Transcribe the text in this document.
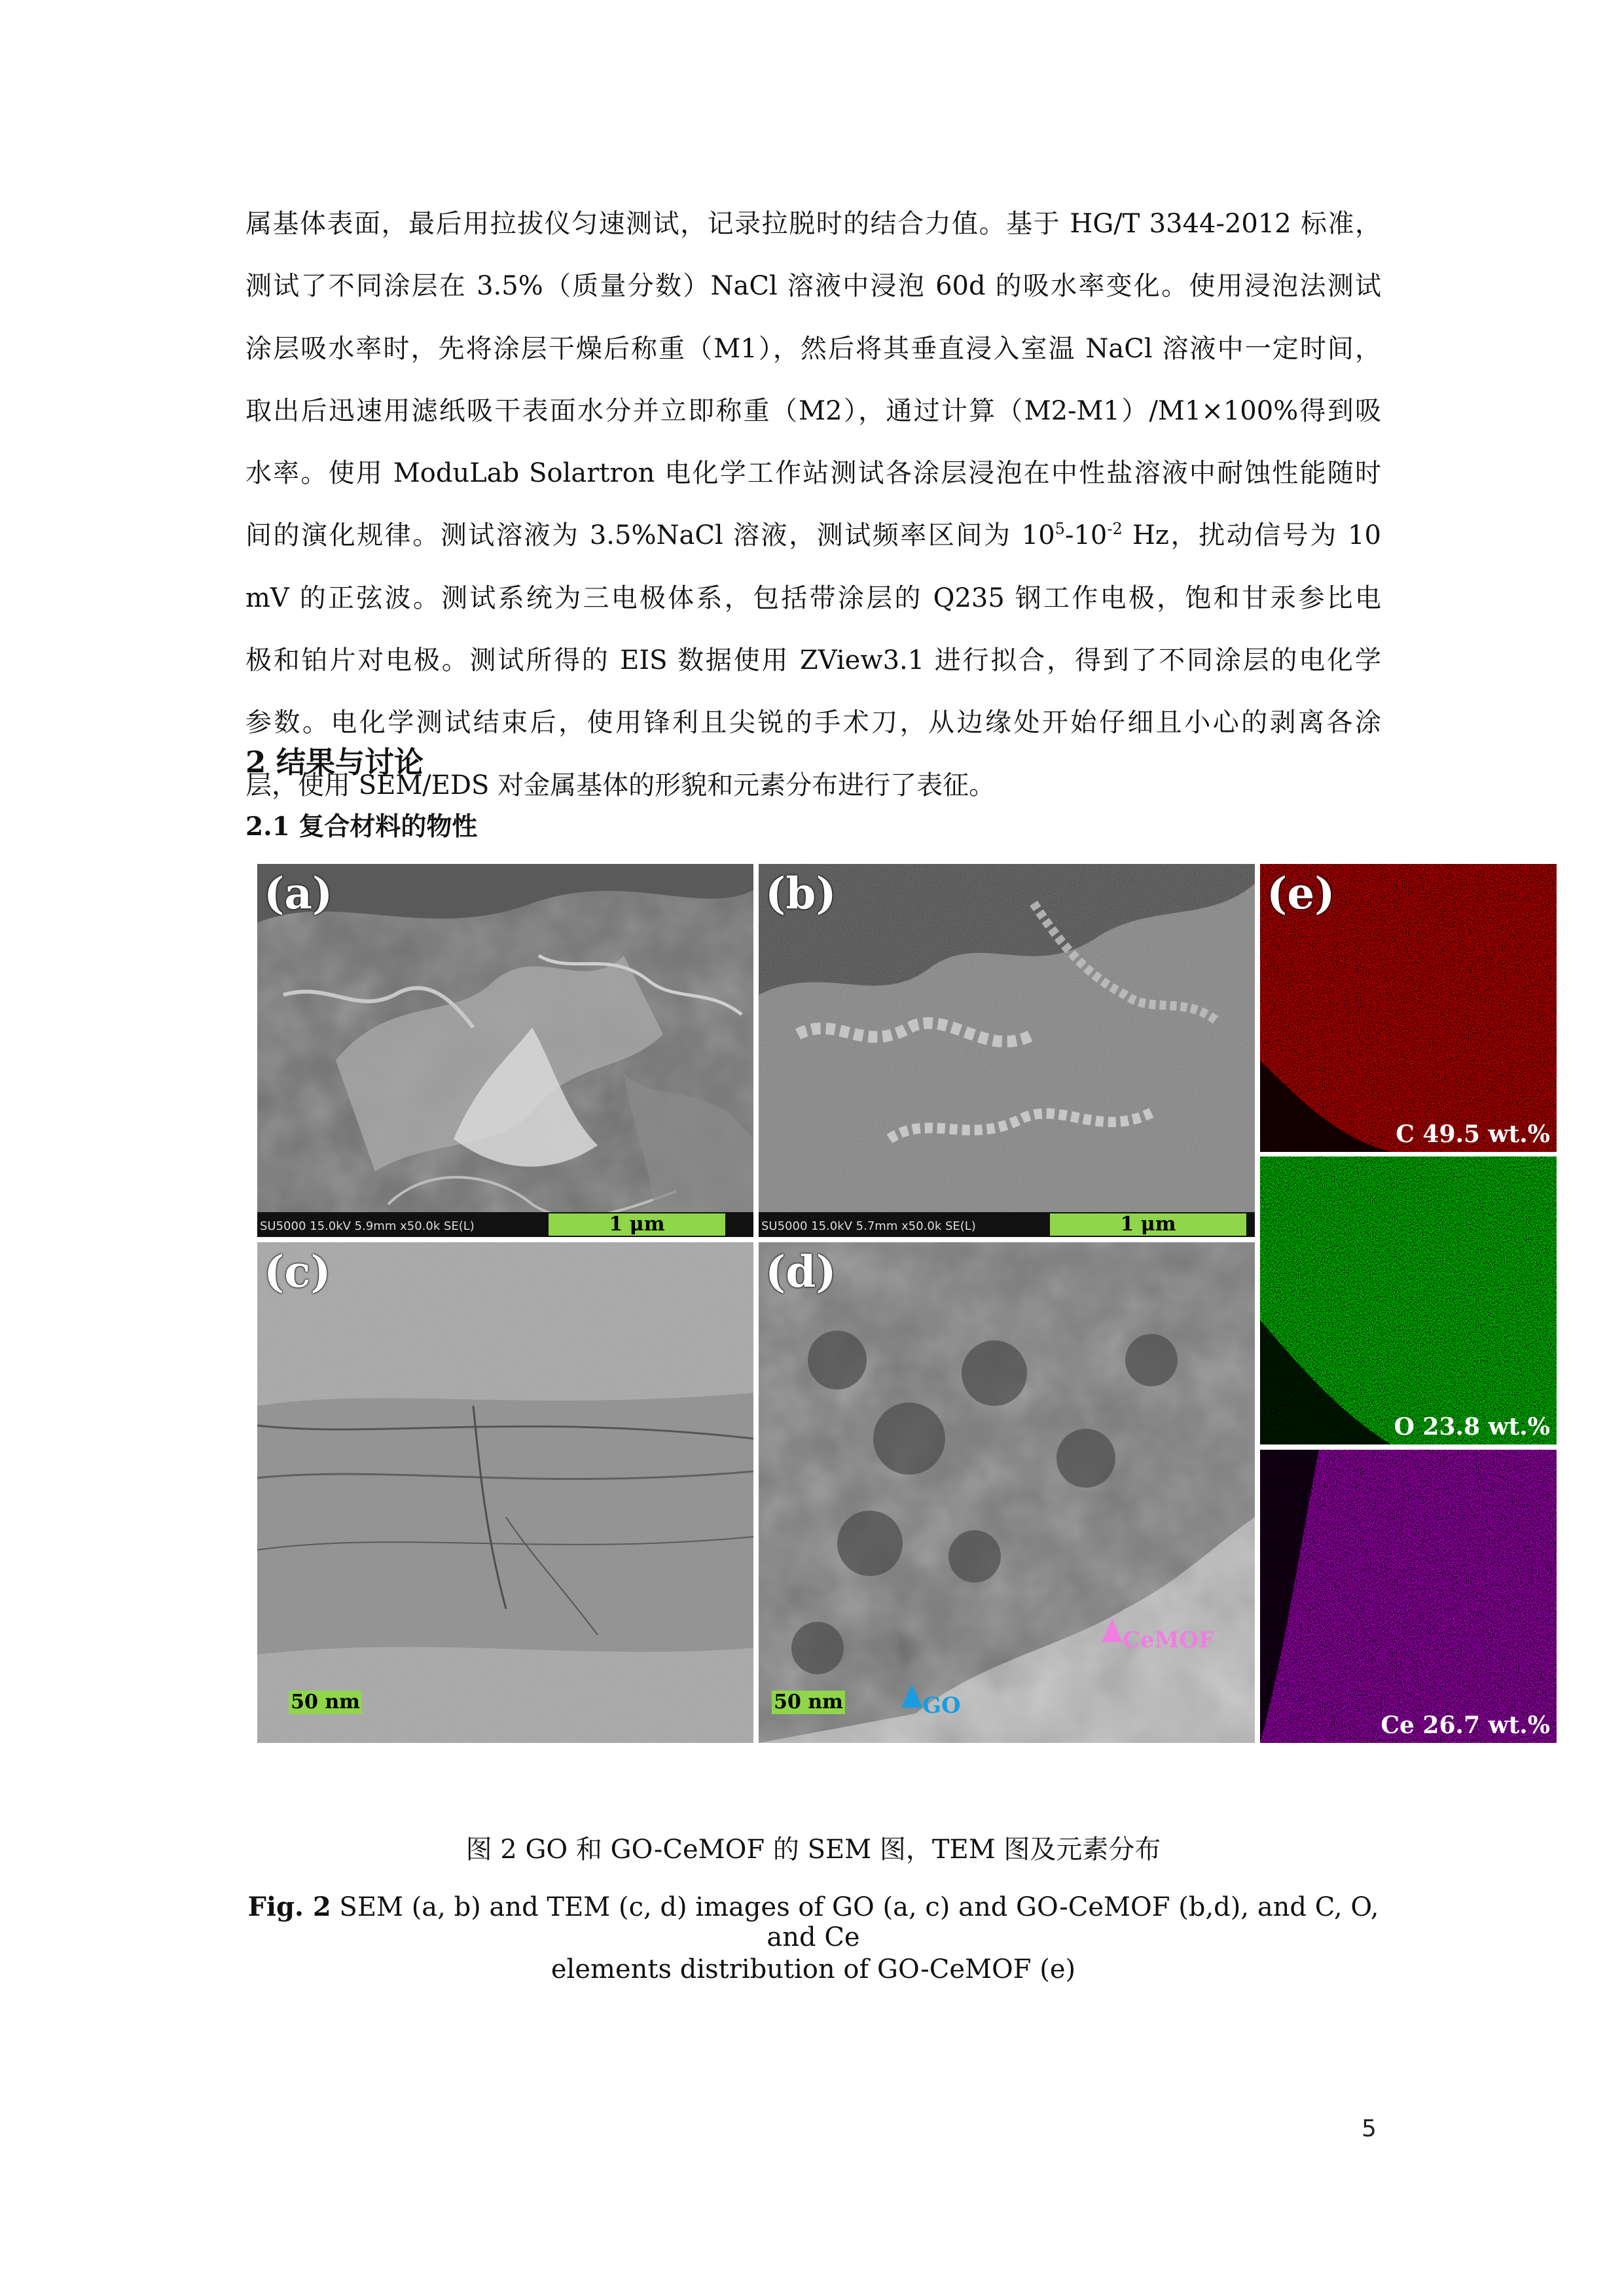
属基体表面，最后用拉拔仪匀速测试，记录拉脱时的结合力值。基于 HG/T 3344-2012 标准，
测试了不同涂层在 3.5%（质量分数）NaCl 溶液中浸泡 60d 的吸水率变化。使用浸泡法测试
涂层吸水率时，先将涂层干燥后称重（M1），然后将其垂直浸入室温 NaCl 溶液中一定时间，
取出后迅速用滤纸吸干表面水分并立即称重（M2），通过计算（M2-M1）/M1×100%得到吸
水率。使用 ModuLab Solartron 电化学工作站测试各涂层浸泡在中性盐溶液中耐蚀性能随时
间的演化规律。测试溶液为 3.5%NaCl 溶液，测试频率区间为 $10^5-10^{-2}$ Hz，扰动信号为 10
mV 的正弦波。测试系统为三电极体系，包括带涂层的 Q235 钢工作电极，饱和甘汞参比电
极和铂片对电极。测试所得的 EIS 数据使用 ZView3.1 进行拟合，得到了不同涂层的电化学
参数。电化学测试结束后，使用锋利且尖锐的手术刀，从边缘处开始仔细且小心的剥离各涂
层，使用 SEM/EDS 对金属基体的形貌和元素分布进行了表征。

2 结果与讨论

2.1 复合材料的物性

SU5000 15.0kV 5.9mm x50.0k SE(L)	1 μm
(a)
SU5000 15.0kV 5.7mm x50.0k SE(L)	1 μm
(b)
50 nm
(c)
50 nm	GO
CeMOF
(d)
C 49.5 wt.%
(e)
O 23.8 wt.%
Ce 26.7 wt.%

图 2 GO 和 GO-CeMOF 的 SEM 图，TEM 图及元素分布

Fig. 2 SEM (a, b) and TEM (c, d) images of GO (a, c) and GO-CeMOF (b,d), and C, O, and Ce

elements distribution of GO-CeMOF (e)

5
